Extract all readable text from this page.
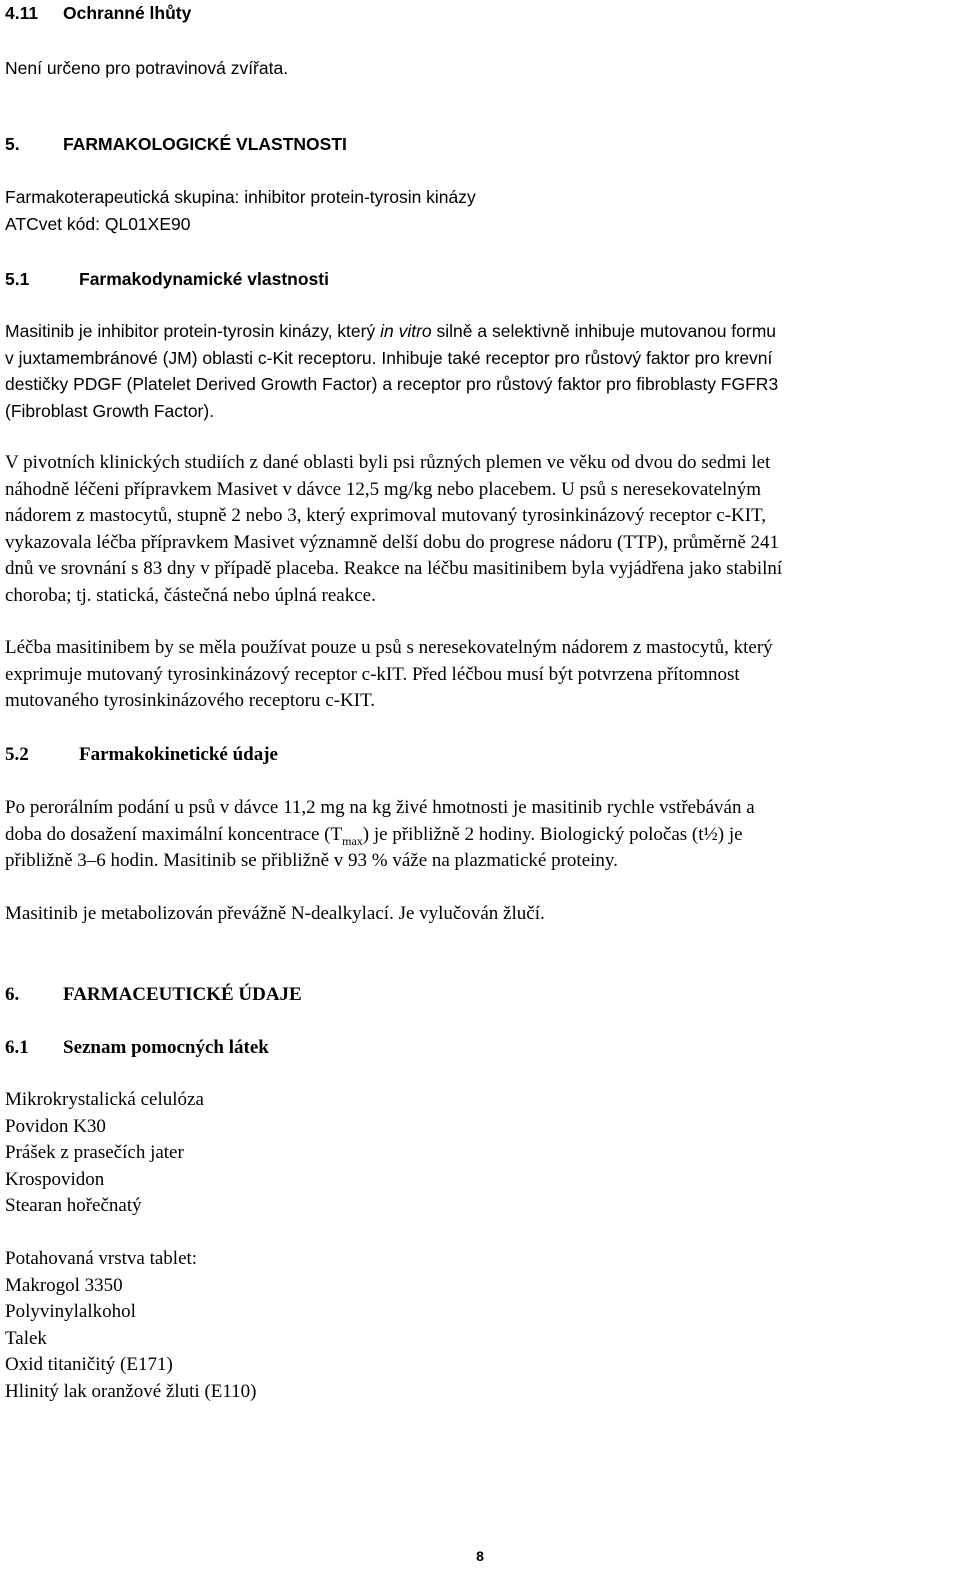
4.11 Ochranné lhůty
Není určeno pro potravinová zvířata.
5. FARMAKOLOGICKÉ VLASTNOSTI
Farmakoterapeutická skupina: inhibitor protein-tyrosin kinázy
ATCvet kód: QL01XE90
5.1	Farmakodynamické vlastnosti
Masitinib je inhibitor protein-tyrosin kinázy, který in vitro silně a selektivně inhibuje mutovanou formu
v juxtamembránové (JM) oblasti c-Kit receptoru. Inhibuje také receptor pro růstový faktor pro krevní
destičky PDGF (Platelet Derived Growth Factor) a receptor pro růstový faktor pro fibroblasty FGFR3
(Fibroblast Growth Factor).
V pivotních klinických studiích z dané oblasti byli psi různých plemen ve věku od dvou do sedmi let
náhodně léčeni přípravkem Masivet v dávce 12,5 mg/kg nebo placebem. U psů s neresekovatelným
nádorem z mastocytů, stupně 2 nebo 3, který exprimoval mutovaný tyrosinkinázový receptor c-KIT,
vykazovala léčba přípravkem Masivet významně delší dobu do progrese nádoru (TTP), průměrně 241
dnů ve srovnání s 83 dny v případě placeba. Reakce na léčbu masitinibem byla vyjádřena jako stabilní
choroba; tj. statická, částečná nebo úplná reakce.
Léčba masitinibem by se měla používat pouze u psů s neresekovatelným nádorem z mastocytů, který
exprimuje mutovaný tyrosinkinázový receptor c-kIT. Před léčbou musí být potvrzena přítomnost
mutovaného tyrosinkinázového receptoru c-KIT.
5.2	Farmakokinetické údaje
Po perorálním podání u psů v dávce 11,2 mg na kg živé hmotnosti je masitinib rychle vstřebáván a
doba do dosažení maximální koncentrace $(T_{max})$ je přibližně 2 hodiny. Biologický poločas (t½) je
přibližně 3–6 hodin. Masitinib se přibližně v 93 % váže na plazmatické proteiny.
Masitinib je metabolizován převážně N-dealkylací. Je vylučován žlučí.
6. FARMACEUTICKÉ ÚDAJE
6.1 Seznam pomocných látek
Mikrokrystalická celulóza
Povidon K30
Prášek z prasečích jater
Krospovidon
Stearan hořečnatý
Potahovaná vrstva tablet:
Makrogol 3350
Polyvinylalkohol
Talek
Oxid titaničitý (E171)
Hlinitý lak oranžové žluti (E110)
8
